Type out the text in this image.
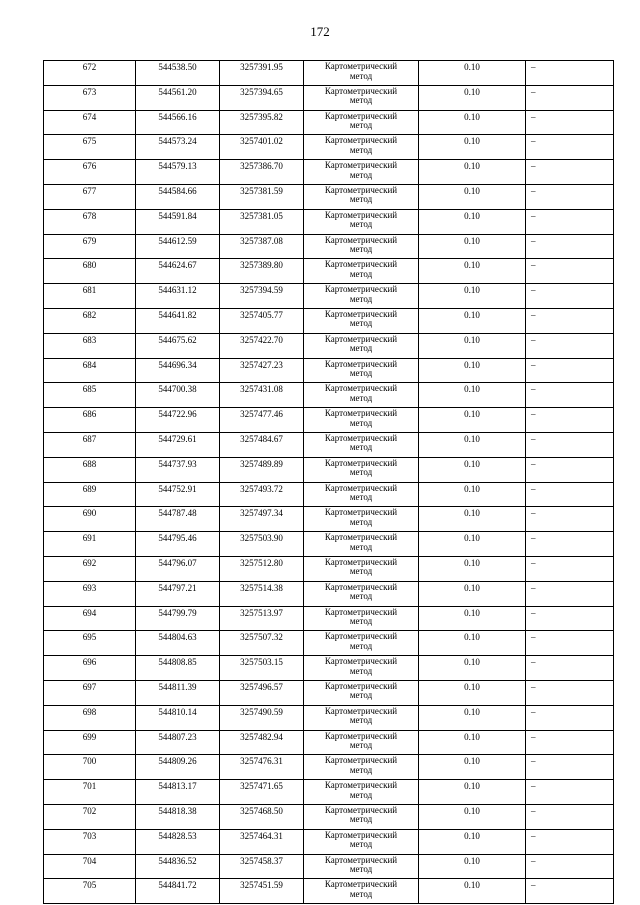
172
672	544538.50	3257391.95	Картометрический
метод	0.10	–
673	544561.20	3257394.65	Картометрический
метод	0.10	–
674	544566.16	3257395.82	Картометрический
метод	0.10	–
675	544573.24	3257401.02	Картометрический
метод	0.10	–
676	544579.13	3257386.70	Картометрический
метод	0.10	–
677	544584.66	3257381.59	Картометрический
метод	0.10	–
678	544591.84	3257381.05	Картометрический
метод	0.10	–
679	544612.59	3257387.08	Картометрический
метод	0.10	–
680	544624.67	3257389.80	Картометрический
метод	0.10	–
681	544631.12	3257394.59	Картометрический
метод	0.10	–
682	544641.82	3257405.77	Картометрический
метод	0.10	–
683	544675.62	3257422.70	Картометрический
метод	0.10	–
684	544696.34	3257427.23	Картометрический
метод	0.10	–
685	544700.38	3257431.08	Картометрический
метод	0.10	–
686	544722.96	3257477.46	Картометрический
метод	0.10	–
687	544729.61	3257484.67	Картометрический
метод	0.10	–
688	544737.93	3257489.89	Картометрический
метод	0.10	–
689	544752.91	3257493.72	Картометрический
метод	0.10	–
690	544787.48	3257497.34	Картометрический
метод	0.10	–
691	544795.46	3257503.90	Картометрический
метод	0.10	–
692	544796.07	3257512.80	Картометрический
метод	0.10	–
693	544797.21	3257514.38	Картометрический
метод	0.10	–
694	544799.79	3257513.97	Картометрический
метод	0.10	–
695	544804.63	3257507.32	Картометрический
метод	0.10	–
696	544808.85	3257503.15	Картометрический
метод	0.10	–
697	544811.39	3257496.57	Картометрический
метод	0.10	–
698	544810.14	3257490.59	Картометрический
метод	0.10	–
699	544807.23	3257482.94	Картометрический
метод	0.10	–
700	544809.26	3257476.31	Картометрический
метод	0.10	–
701	544813.17	3257471.65	Картометрический
метод	0.10	–
702	544818.38	3257468.50	Картометрический
метод	0.10	–
703	544828.53	3257464.31	Картометрический
метод	0.10	–
704	544836.52	3257458.37	Картометрический
метод	0.10	–
705	544841.72	3257451.59	Картометрический
метод	0.10	–
